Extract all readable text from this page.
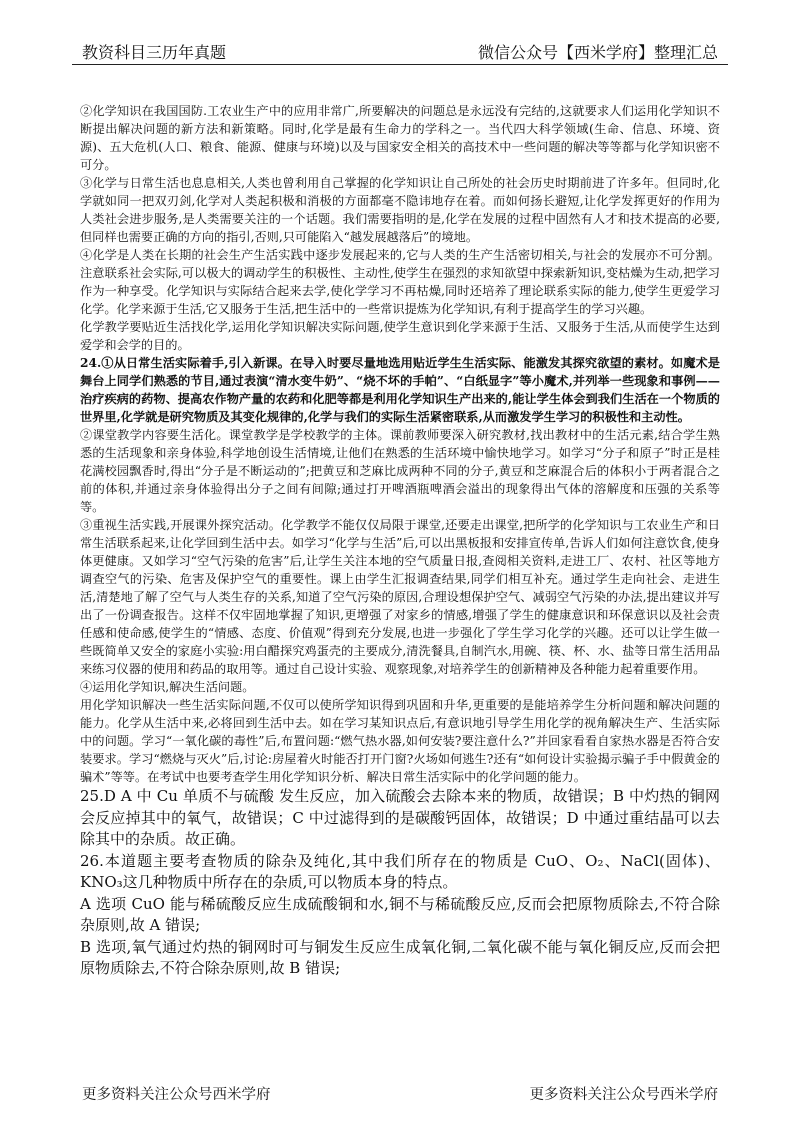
教资科目三历年真题	微信公众号【西米学府】整理汇总

②化学知识在我国国防.工农业生产中的应用非常广,所要解决的问题总是永远没有完结的,这就要求人们运用化学知识不断提出解决问题的新方法和新策略。同时,化学是最有生命力的学科之一。当代四大科学领域(生命、信息、环境、资源)、五大危机(人口、粮食、能源、健康与环境)以及与国家安全相关的高技术中一些问题的解决等等都与化学知识密不可分。

③化学与日常生活也息息相关,人类也曾利用自己掌握的化学知识让自己所处的社会历史时期前进了许多年。但同时,化学就如同一把双刃剑,化学对人类起积极和消极的方面都毫不隐讳地存在着。而如何扬长避短,让化学发挥更好的作用为人类社会进步服务,是人类需要关注的一个话题。我们需要指明的是,化学在发展的过程中固然有人才和技术提高的必要,但同样也需要正确的方向的指引,否则,只可能陷入“越发展越落后”的境地。

④化学是人类在长期的社会生产生活实践中逐步发展起来的,它与人类的生产生活密切相关,与社会的发展亦不可分割。注意联系社会实际,可以极大的调动学生的积极性、主动性,使学生在强烈的求知欲望中探索新知识,变枯燥为生动,把学习作为一种享受。化学知识与实际结合起来去学,使化学学习不再枯燥,同时还培养了理论联系实际的能力,使学生更爱学习化学。化学来源于生活,它又服务于生活,把生活中的一些常识提炼为化学知识,有利于提高学生的学习兴趣。

化学教学要贴近生活找化学,运用化学知识解决实际问题,使学生意识到化学来源于生活、又服务于生活,从而使学生达到爱学和会学的目的。

24.①从日常生活实际着手,引入新课。在导入时要尽量地选用贴近学生生活实际、能激发其探究欲望的素材。如魔术是舞台上同学们熟悉的节目,通过表演“清水变牛奶”、“烧不坏的手帕”、“白纸显字”等小魔术,并列举一些现象和事例——治疗疾病的药物、提高农作物产量的农药和化肥等都是利用化学知识生产出来的,能让学生体会到我们生活在一个物质的世界里,化学就是研究物质及其变化规律的,化学与我们的实际生活紧密联系,从而激发学生学习的积极性和主动性。

②课堂教学内容要生活化。课堂教学是学校教学的主体。课前教师要深入研究教材,找出教材中的生活元素,结合学生熟悉的生活现象和亲身体验,科学地创设生活情境,让他们在熟悉的生活环境中愉快地学习。如学习“分子和原子”时正是桂花满校园飘香时,得出“分子是不断运动的”;把黄豆和芝麻比成两种不同的分子,黄豆和芝麻混合后的体积小于两者混合之前的体积,并通过亲身体验得出分子之间有间隙;通过打开啤酒瓶啤酒会溢出的现象得出气体的溶解度和压强的关系等等。

③重视生活实践,开展课外探究活动。化学教学不能仅仅局限于课堂,还要走出课堂,把所学的化学知识与工农业生产和日常生活联系起来,让化学回到生活中去。如学习“化学与生活”后,可以出黑板报和安排宣传单,告诉人们如何注意饮食,使身体更健康。又如学习“空气污染的危害”后,让学生关注本地的空气质量日报,查阅相关资料,走进工厂、农村、社区等地方调查空气的污染、危害及保护空气的重要性。课上由学生汇报调查结果,同学们相互补充。通过学生走向社会、走进生活,清楚地了解了空气与人类生存的关系,知道了空气污染的原因,合理设想保护空气、减弱空气污染的办法,提出建议并写出了一份调查报告。这样不仅牢固地掌握了知识,更增强了对家乡的情感,增强了学生的健康意识和环保意识以及社会责任感和使命感,使学生的“情感、态度、价值观”得到充分发展,也进一步强化了学生学习化学的兴趣。还可以让学生做一些既简单又安全的家庭小实验:用白醋探究鸡蛋壳的主要成分,清洗餐具,自制汽水,用碗、筷、杯、水、盐等日常生活用品来练习仪器的使用和药品的取用等。通过自己设计实验、观察现象,对培养学生的创新精神及各种能力起着重要作用。

④运用化学知识,解决生活问题。

用化学知识解决一些生活实际问题,不仅可以使所学知识得到巩固和升华,更重要的是能培养学生分析问题和解决问题的能力。化学从生活中来,必将回到生活中去。如在学习某知识点后,有意识地引导学生用化学的视角解决生产、生活实际中的问题。学习“一氧化碳的毒性”后,布置问题:“燃气热水器,如何安装?要注意什么?”并回家看看自家热水器是否符合安装要求。学习“燃烧与灭火”后,讨论:房屋着火时能否打开门窗?火场如何逃生?还有“如何设计实验揭示骗子手中假黄金的骗术”等等。在考试中也要考查学生用化学知识分析、解决日常生活实际中的化学问题的能力。

25.D A 中 Cu 单质不与硫酸 发生反应，加入硫酸会去除本来的物质，故错误；B 中灼热的铜网会反应掉其中的氧气，故错误；C 中过滤得到的是碳酸钙固体，故错误；D 中通过重结晶可以去除其中的杂质。故正确。

26.本道题主要考查物质的除杂及纯化,其中我们所存在的物质是 CuO、O₂、NaCl(固体)、KNO₃这几种物质中所存在的杂质,可以物质本身的特点。

A 选项 CuO 能与稀硫酸反应生成硫酸铜和水,铜不与稀硫酸反应,反而会把原物质除去,不符合除杂原则,故 A 错误;

B 选项,氧气通过灼热的铜网时可与铜发生反应生成氧化铜,二氧化碳不能与氧化铜反应,反而会把原物质除去,不符合除杂原则,故 B 错误;

更多资料关注公众号西米学府	更多资料关注公众号西米学府
